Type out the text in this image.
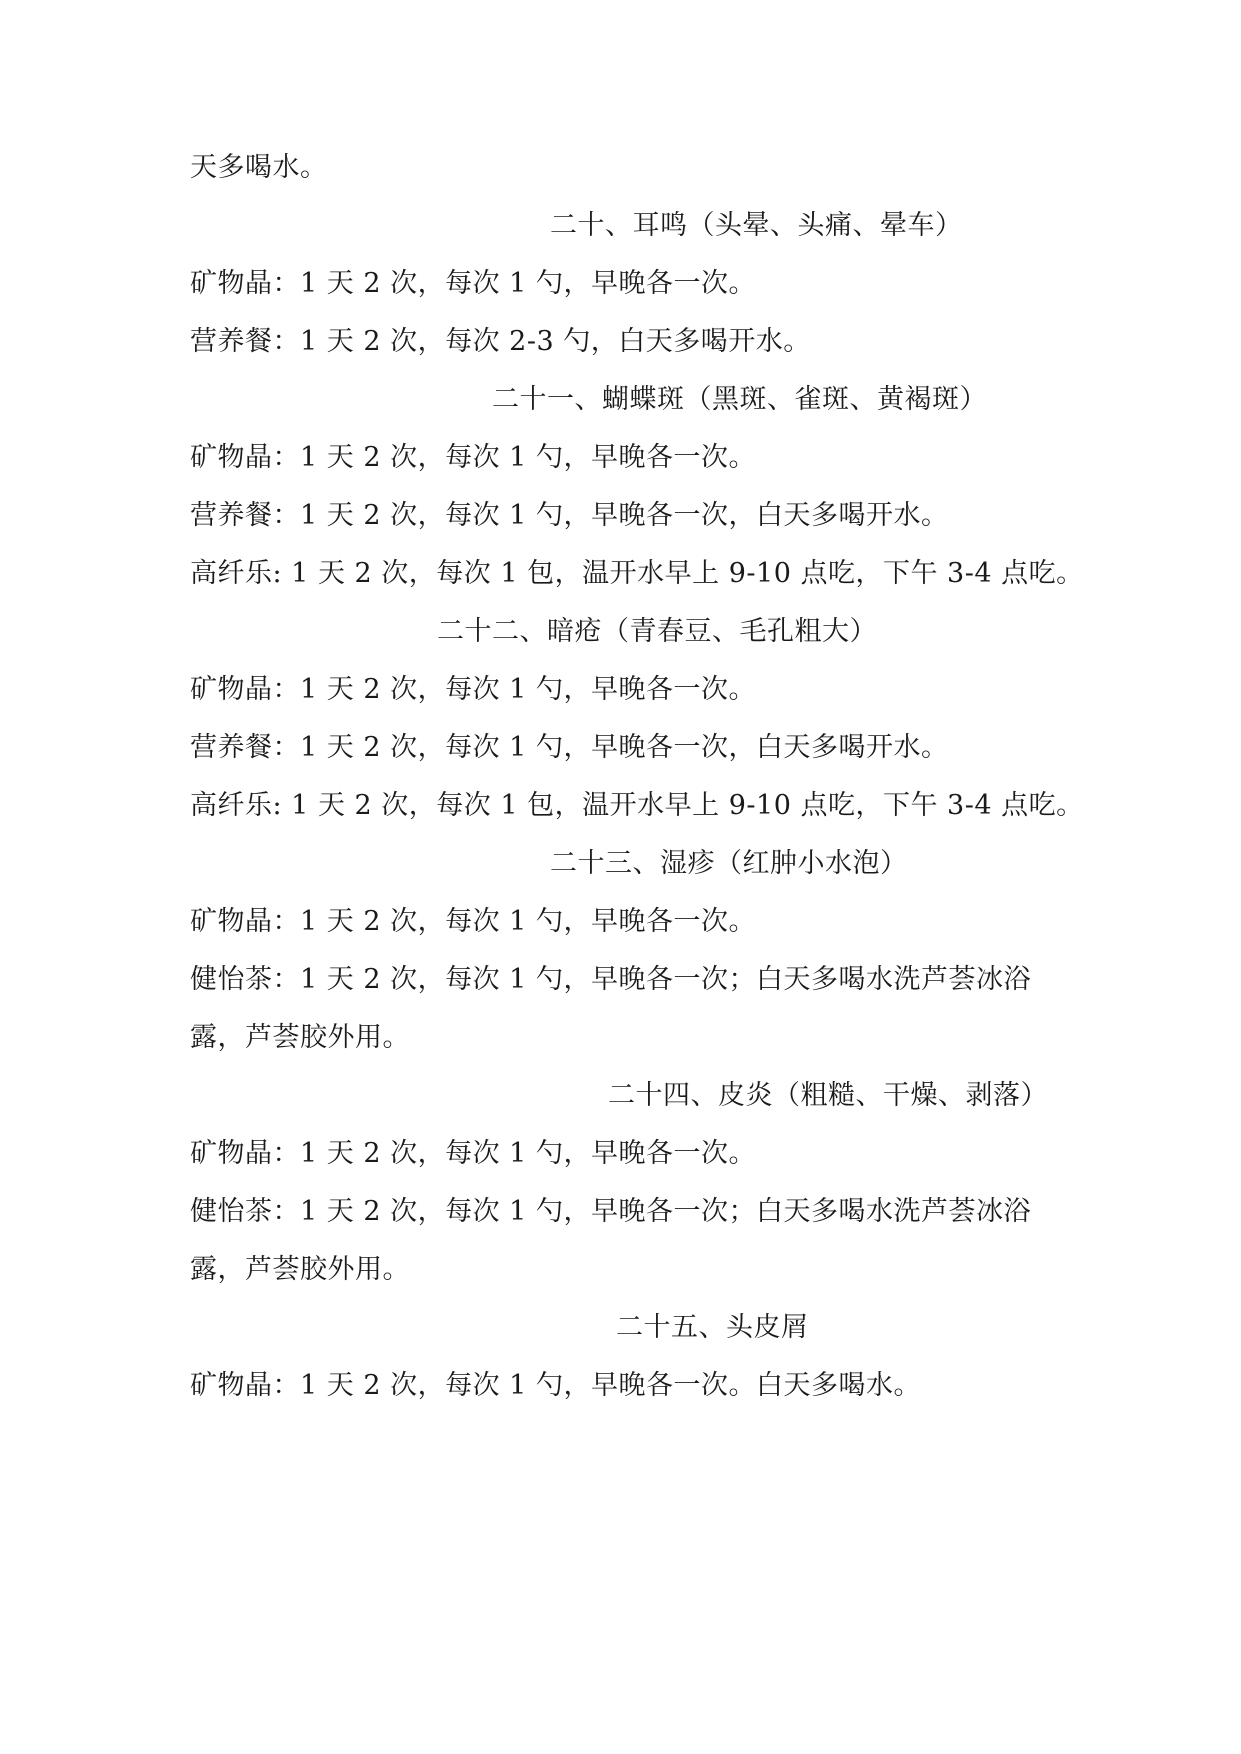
天多喝水。
二十、耳鸣（头晕、头痛、晕车）
矿物晶：1 天 2 次，每次 1 勺，早晚各一次。
营养餐：1 天 2 次，每次 2-3 勺，白天多喝开水。
二十一、蝴蝶斑（黑斑、雀斑、黄褐斑）
矿物晶：1 天 2 次，每次 1 勺，早晚各一次。
营养餐：1 天 2 次，每次 1 勺，早晚各一次，白天多喝开水。
高纤乐: 1 天 2 次，每次 1 包，温开水早上 9-10 点吃，下午 3-4 点吃。
二十二、暗疮（青春豆、毛孔粗大）
矿物晶：1 天 2 次，每次 1 勺，早晚各一次。
营养餐：1 天 2 次，每次 1 勺，早晚各一次，白天多喝开水。
高纤乐: 1 天 2 次，每次 1 包，温开水早上 9-10 点吃，下午 3-4 点吃。
二十三、湿疹（红肿小水泡）
矿物晶：1 天 2 次，每次 1 勺，早晚各一次。
健怡茶：1 天 2 次，每次 1 勺，早晚各一次；白天多喝水洗芦荟冰浴
露，芦荟胶外用。
二十四、皮炎（粗糙、干燥、剥落）
矿物晶：1 天 2 次，每次 1 勺，早晚各一次。
健怡茶：1 天 2 次，每次 1 勺，早晚各一次；白天多喝水洗芦荟冰浴
露，芦荟胶外用。
二十五、头皮屑
矿物晶：1 天 2 次，每次 1 勺，早晚各一次。白天多喝水。
